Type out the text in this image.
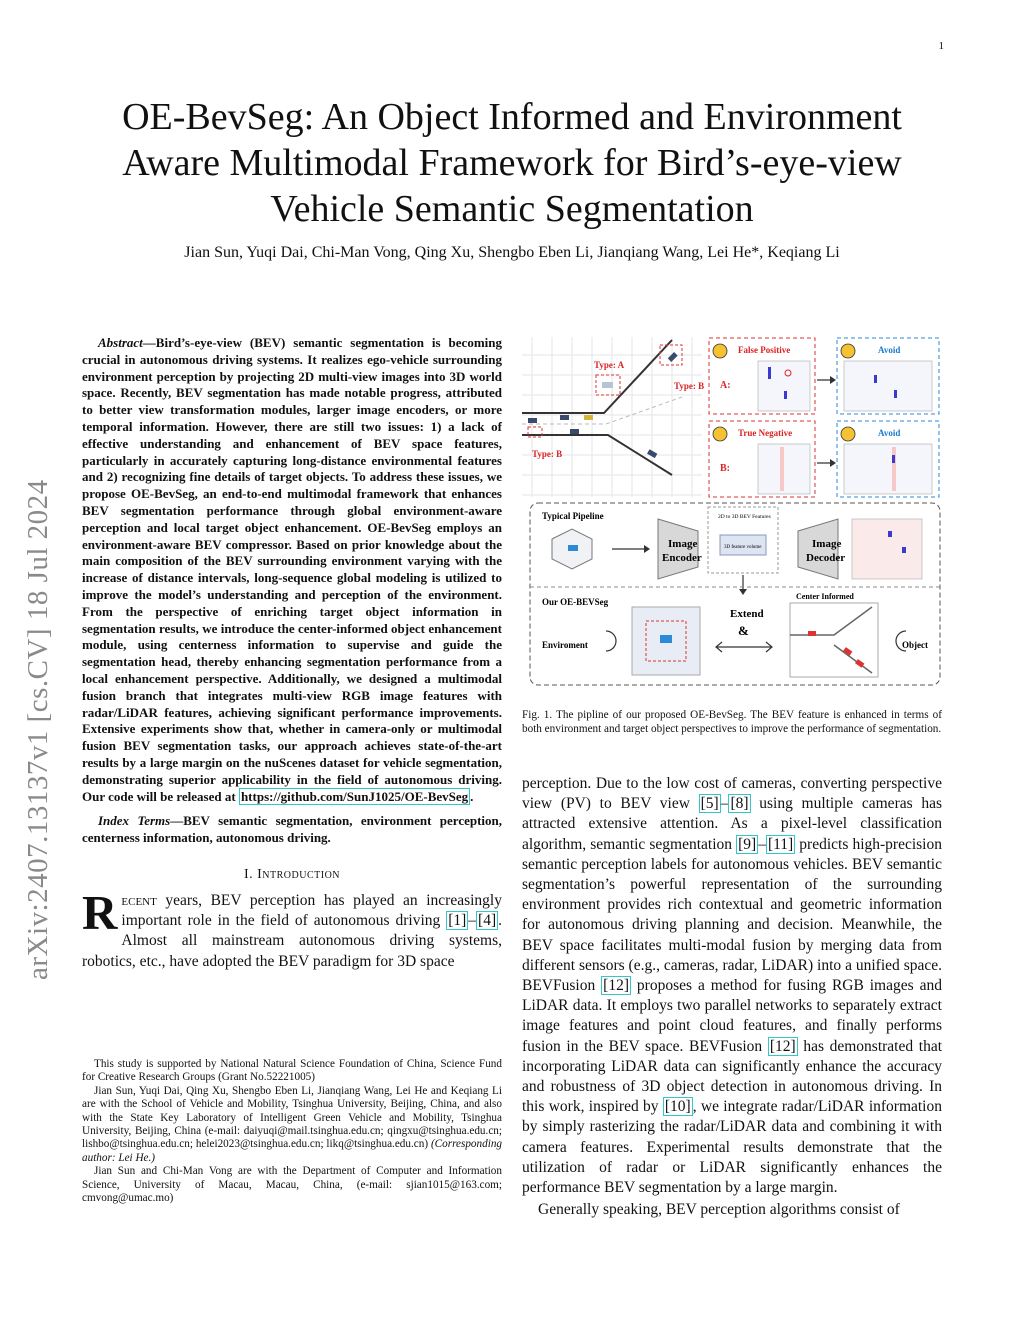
1
arXiv:2407.13137v1 [cs.CV] 18 Jul 2024
OE-BevSeg: An Object Informed and Environment Aware Multimodal Framework for Bird’s-eye-view Vehicle Semantic Segmentation
Jian Sun, Yuqi Dai, Chi-Man Vong, Qing Xu, Shengbo Eben Li, Jianqiang Wang, Lei He*, Keqiang Li

Abstract—Bird’s-eye-view (BEV) semantic segmentation is becoming crucial in autonomous driving systems. It realizes ego-vehicle surrounding environment perception by projecting 2D multi-view images into 3D world space. Recently, BEV segmentation has made notable progress, attributed to better view transformation modules, larger image encoders, or more temporal information. However, there are still two issues: 1) a lack of effective understanding and enhancement of BEV space features, particularly in accurately capturing long-distance environmental features and 2) recognizing fine details of target objects. To address these issues, we propose OE-BevSeg, an end-to-end multimodal framework that enhances BEV segmentation performance through global environment-aware perception and local target object enhancement. OE-BevSeg employs an environment-aware BEV compressor. Based on prior knowledge about the main composition of the BEV surrounding environment varying with the increase of distance intervals, long-sequence global modeling is utilized to improve the model’s understanding and perception of the environment. From the perspective of enriching target object information in segmentation results, we introduce the center-informed object enhancement module, using centerness information to supervise and guide the segmentation head, thereby enhancing segmentation performance from a local enhancement perspective. Additionally, we designed a multimodal fusion branch that integrates multi-view RGB image features with radar/LiDAR features, achieving significant performance improvements. Extensive experiments show that, whether in camera-only or multimodal fusion BEV segmentation tasks, our approach achieves state-of-the-art results by a large margin on the nuScenes dataset for vehicle segmentation, demonstrating superior applicability in the field of autonomous driving. Our code will be released at https://github.com/SunJ1025/OE-BevSeg .

Index Terms—BEV semantic segmentation, environment perception, centerness information, autonomous driving.

I. Introduction

Recent years, BEV perception has played an increasingly important role in the field of autonomous driving [1] – [4] . Almost all mainstream autonomous driving systems, robotics, etc., have adopted the BEV paradigm for 3D space

This study is supported by National Natural Science Foundation of China, Science Fund for Creative Research Groups (Grant No.52221005)

Jian Sun, Yuqi Dai, Qing Xu, Shengbo Eben Li, Jianqiang Wang, Lei He and Keqiang Li are with the School of Vehicle and Mobility, Tsinghua University, Beijing, China, and also with the State Key Laboratory of Intelligent Green Vehicle and Mobility, Tsinghua University, Beijing, China (e-mail: daiyuqi@mail.tsinghua.edu.cn; qingxu@tsinghua.edu.cn; lishbo@tsinghua.edu.cn; helei2023@tsinghua.edu.cn; likq@tsinghua.edu.cn) (Corresponding author: Lei He.)

Jian Sun and Chi-Man Vong are with the Department of Computer and Information Science, University of Macau, Macau, China, (e-mail: sjian1015@163.com; cmvong@umac.mo)

Type: A
Type: B
Type: B
False Positive
A:
Avoid
True Negative
B:
Avoid
Typical Pipeline
Image
Encoder
2D to 3D BEV Features
3D feature volume	Image
Decoder
Our OE-BEVSeg
Enviroment
Extend
&
Center Informed
Object

Fig. 1. The pipline of our proposed OE-BevSeg. The BEV feature is enhanced in terms of both environment and target object perspectives to improve the performance of segmentation.

perception. Due to the low cost of cameras, converting perspective view (PV) to BEV view [5] – [8] using multiple cameras has attracted extensive attention. As a pixel-level classification algorithm, semantic segmentation [9] – [11] predicts high-precision semantic perception labels for autonomous vehicles. BEV semantic segmentation’s powerful representation of the surrounding environment provides rich contextual and geometric information for autonomous driving planning and decision. Meanwhile, the BEV space facilitates multi-modal fusion by merging data from different sensors (e.g., cameras, radar, LiDAR) into a unified space. BEVFusion [12] proposes a method for fusing RGB images and LiDAR data. It employs two parallel networks to separately extract image features and point cloud features, and finally performs fusion in the BEV space. BEVFusion [12] has demonstrated that incorporating LiDAR data can significantly enhance the accuracy and robustness of 3D object detection in autonomous driving. In this work, inspired by [10] , we integrate radar/LiDAR information by simply rasterizing the radar/LiDAR data and combining it with camera features. Experimental results demonstrate that the utilization of radar or LiDAR significantly enhances the performance BEV segmentation by a large margin.

Generally speaking, BEV perception algorithms consist of
